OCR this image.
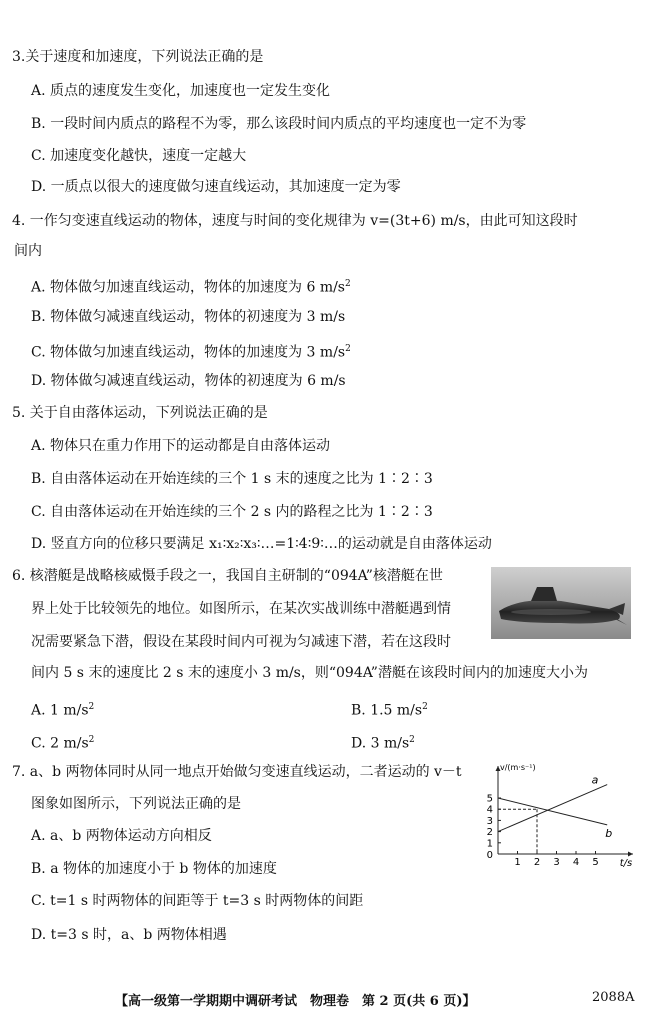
3.关于速度和加速度，下列说法正确的是
A. 质点的速度发生变化，加速度也一定发生变化
B. 一段时间内质点的路程不为零，那么该段时间内质点的平均速度也一定不为零
C. 加速度变化越快，速度一定越大
D. 一质点以很大的速度做匀速直线运动，其加速度一定为零
4. 一作匀变速直线运动的物体，速度与时间的变化规律为 v=(3t+6) m/s，由此可知这段时
间内
A. 物体做匀加速直线运动，物体的加速度为 6 $m/s^2$
B. 物体做匀减速直线运动，物体的初速度为 3 m/s
C. 物体做匀加速直线运动，物体的加速度为 3 $m/s^2$
D. 物体做匀减速直线运动，物体的初速度为 6 m/s
5. 关于自由落体运动，下列说法正确的是
A. 物体只在重力作用下的运动都是自由落体运动
B. 自由落体运动在开始连续的三个 1 s 末的速度之比为 1∶2∶3
C. 自由落体运动在开始连续的三个 2 s 内的路程之比为 1∶2∶3
D. 竖直方向的位移只要满足 x₁∶x₂∶x₃∶…=1∶4∶9∶…的运动就是自由落体运动
6. 核潜艇是战略核威慑手段之一，我国自主研制的“094A”核潜艇在世
界上处于比较领先的地位。如图所示，在某次实战训练中潜艇遇到情
况需要紧急下潜，假设在某段时间内可视为匀减速下潜，若在这段时
间内 5 s 末的速度比 2 s 末的速度小 3 m/s，则“094A”潜艇在该段时间内的加速度大小为
A. 1 $m/s^2$	B. 1.5 $m/s^2$
C. 2 $m/s^2$	D. 3 $m/s^2$
7. a、b 两物体同时从同一地点开始做匀变速直线运动，二者运动的 v－t
图象如图所示，下列说法正确的是
A. a、b 两物体运动方向相反
B. a 物体的加速度小于 b 物体的加速度
C. t=1 s 时两物体的间距等于 t=3 s 时两物体的间距
D. t=3 s 时，a、b 两物体相遇
1 2 3 4 5
1
2
3
4
5
0
a
b
v/(m·s⁻¹)
t/s
【高一级第一学期期中调研考试　物理卷　第 2 页(共 6 页)】	2088A
